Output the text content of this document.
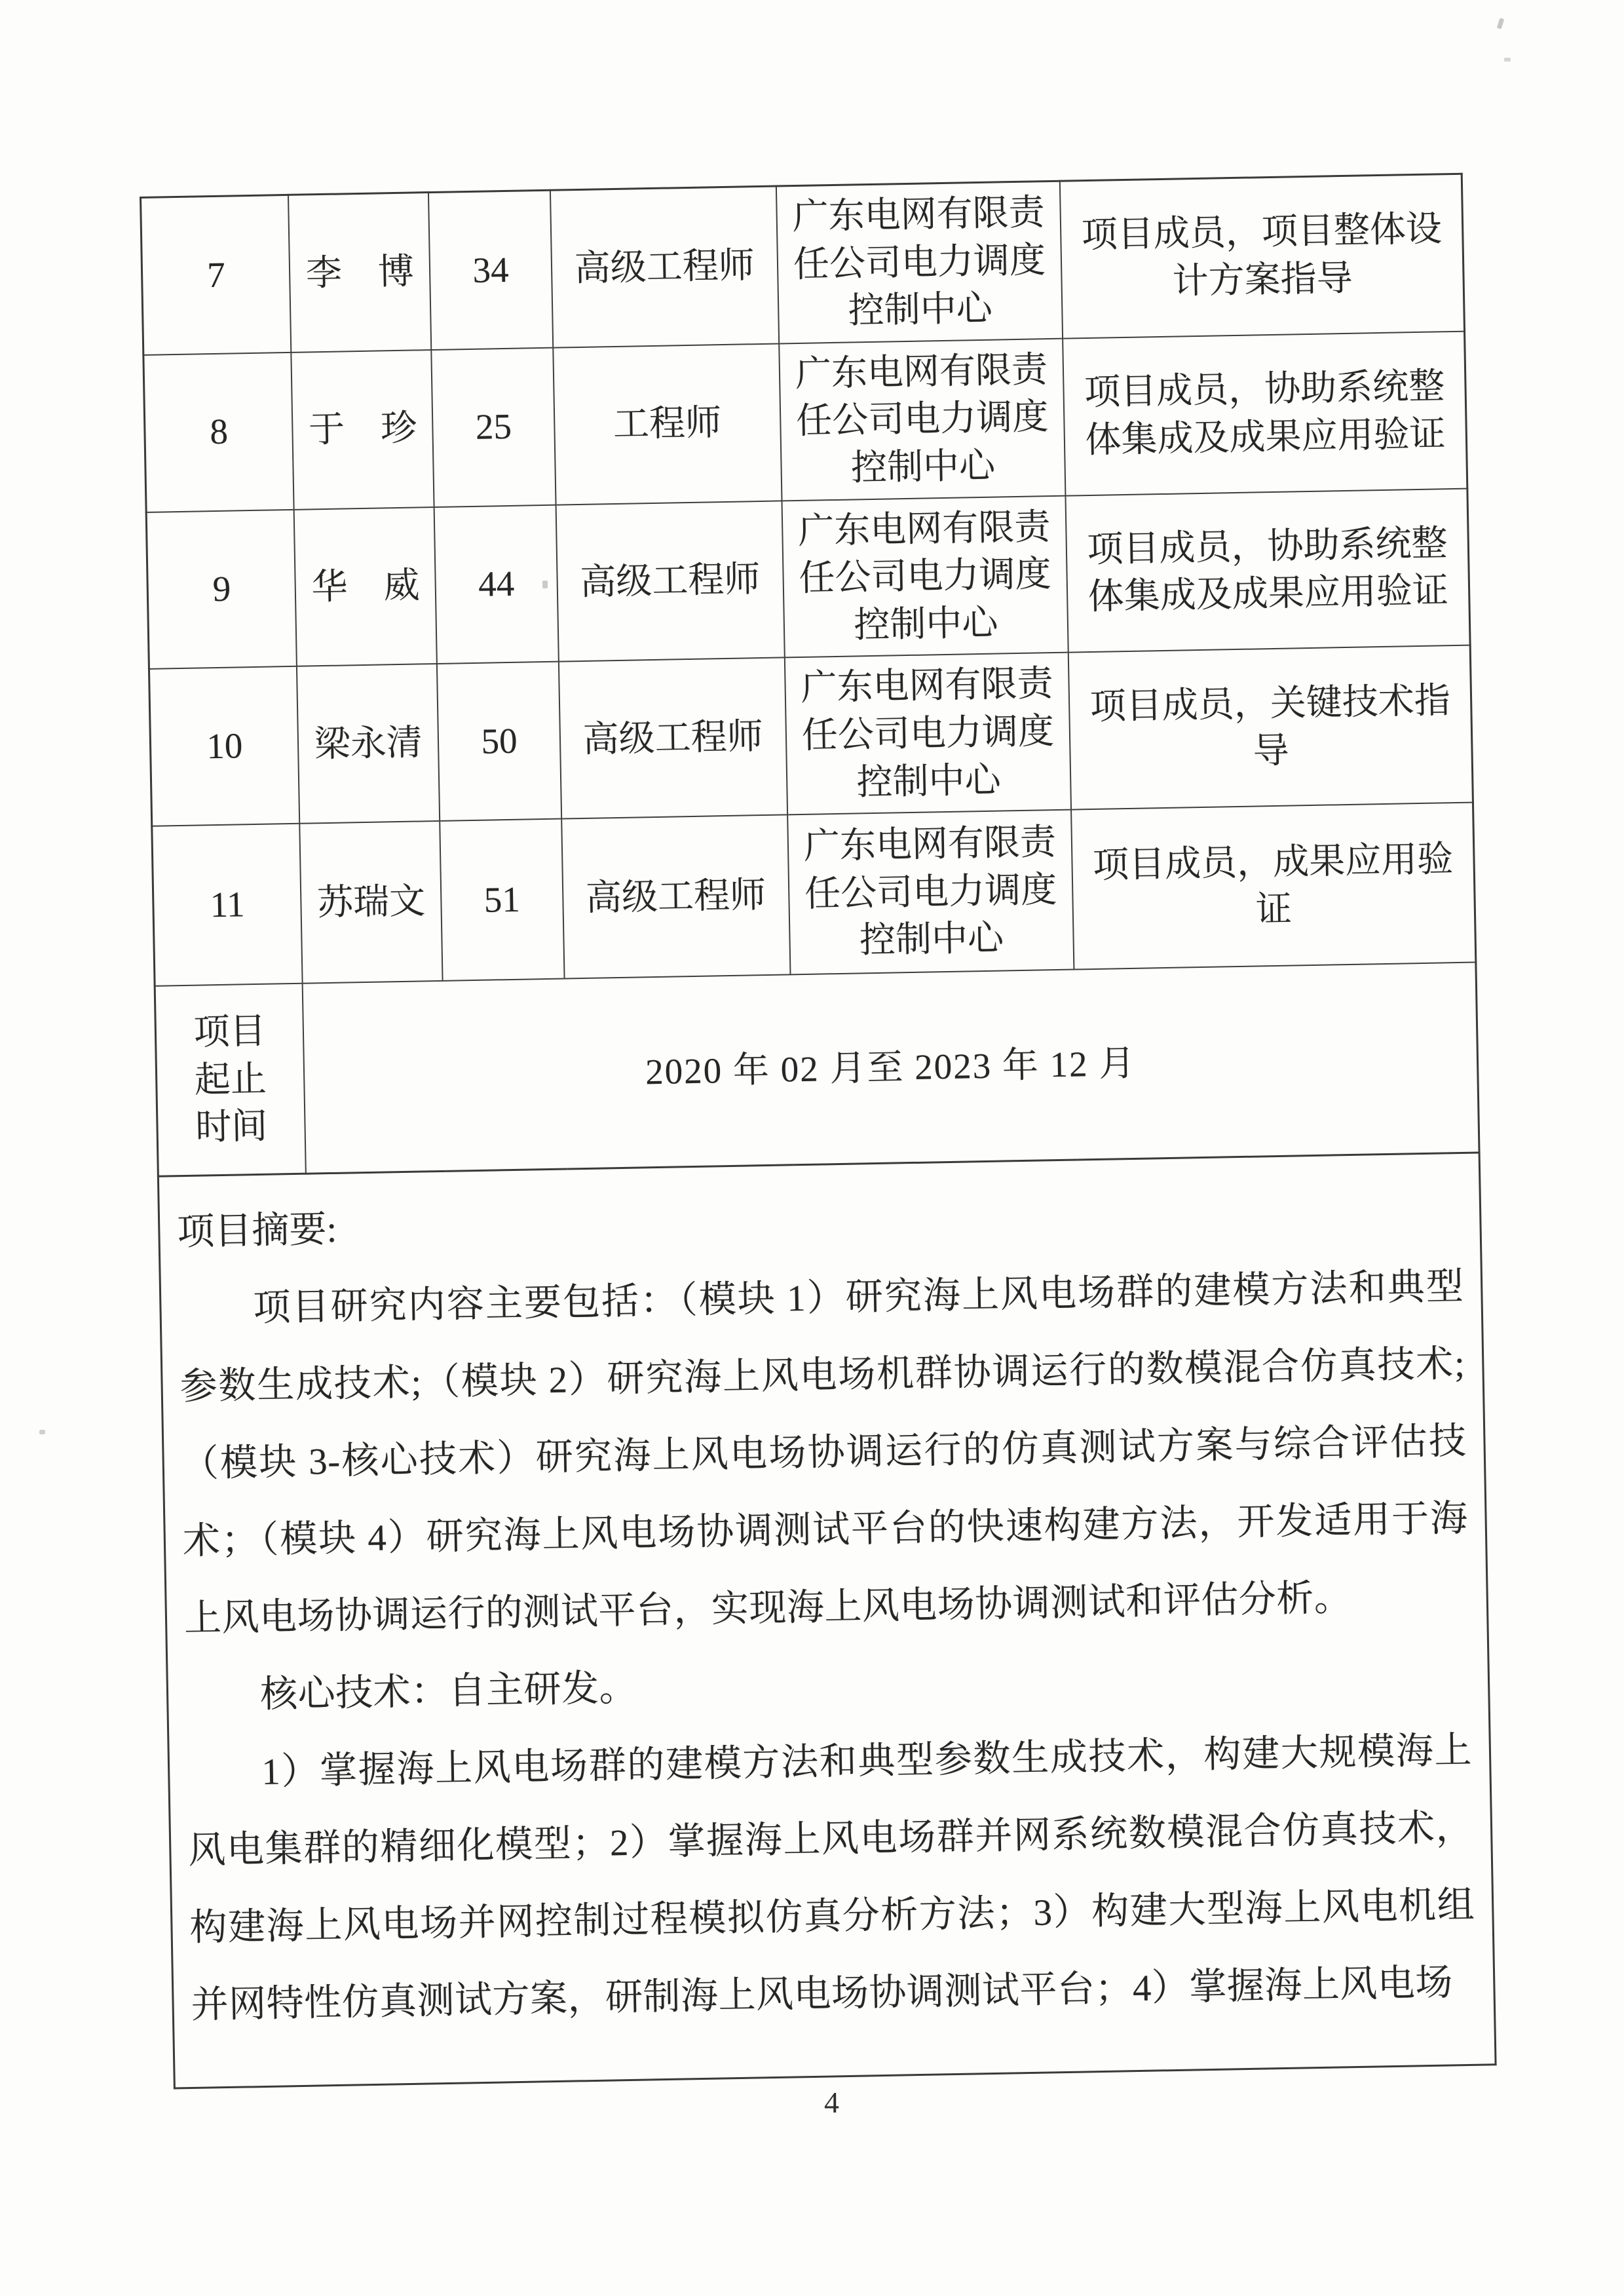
7	李　博	34	高级工程师	广东电网有限责任公司电力调度控制中心	项目成员，项目整体设计方案指导
8	于　珍	25	工程师	广东电网有限责任公司电力调度控制中心	项目成员，协助系统整体集成及成果应用验证
9	华　威	44	高级工程师	广东电网有限责任公司电力调度控制中心	项目成员，协助系统整体集成及成果应用验证
10	梁永清	50	高级工程师	广东电网有限责任公司电力调度控制中心	项目成员，关键技术指导
11	苏瑞文	51	高级工程师	广东电网有限责任公司电力调度控制中心	项目成员，成果应用验证
项目
起止
时间	2020 年 02 月至 2023 年 12 月				
项目摘要:

项目研究内容主要包括：（模块 1）研究海上风电场群的建模方法和典型参数生成技术;（模块 2）研究海上风电场机群协调运行的数模混合仿真技术;（模块 3-核心技术）研究海上风电场协调运行的仿真测试方案与综合评估技术；（模块 4）研究海上风电场协调测试平台的快速构建方法，开发适用于海上风电场协调运行的测试平台，实现海上风电场协调测试和评估分析。

核心技术：自主研发。

1）掌握海上风电场群的建模方法和典型参数生成技术，构建大规模海上风电集群的精细化模型；2）掌握海上风电场群并网系统数模混合仿真技术，构建海上风电场并网控制过程模拟仿真分析方法；3）构建大型海上风电机组并网特性仿真测试方案，研制海上风电场协调测试平台；4）掌握海上风电场

4
